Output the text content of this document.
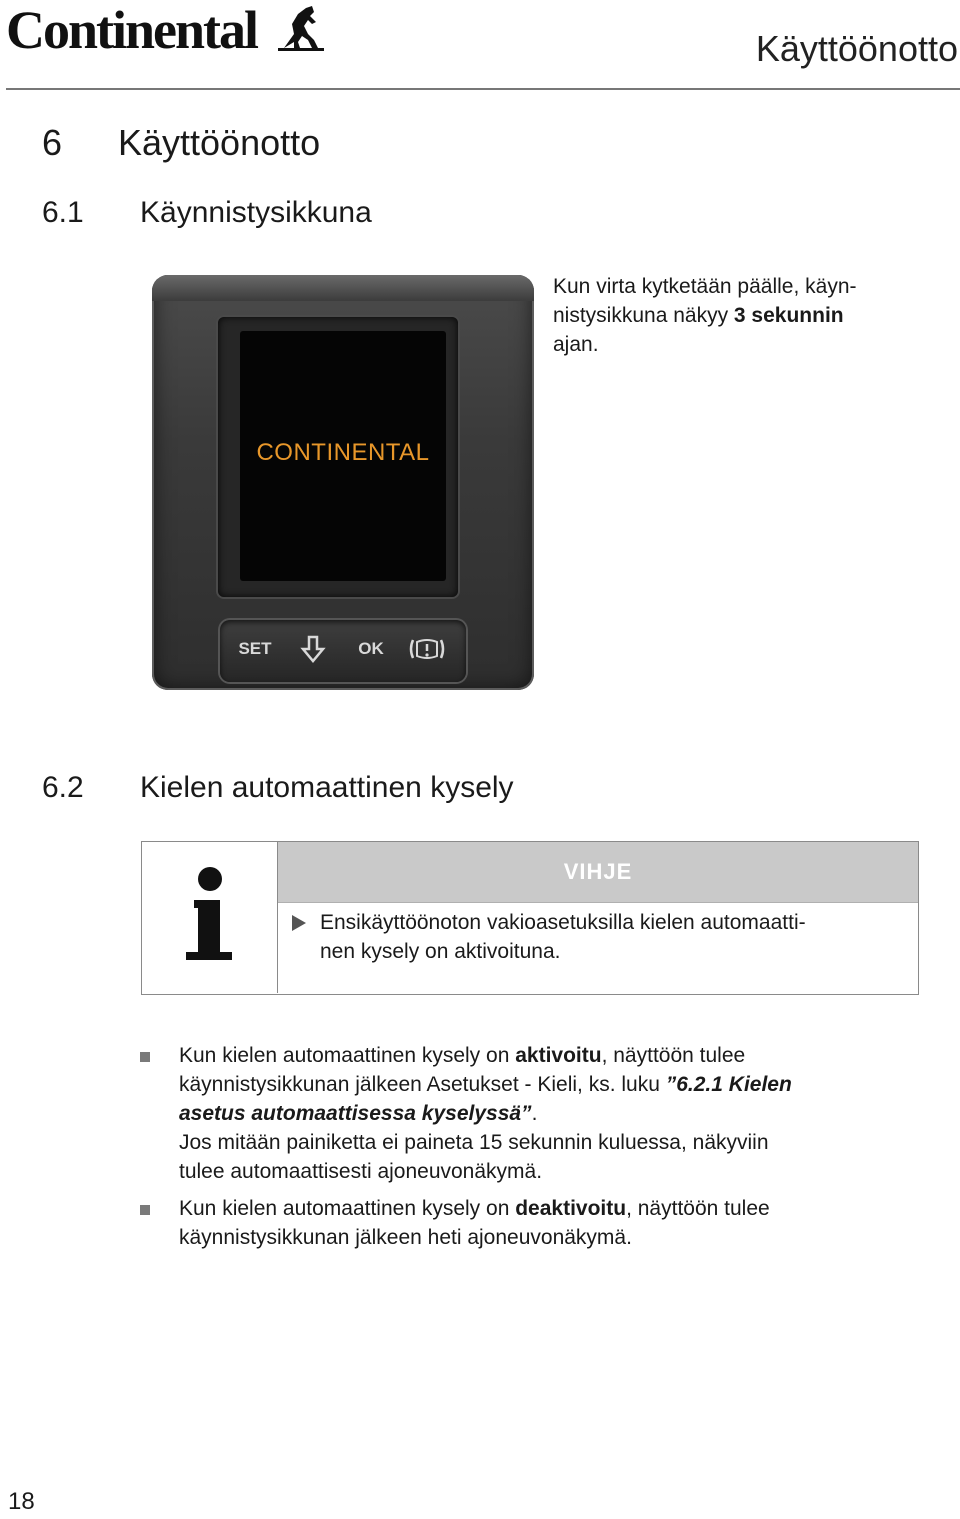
Continental	Käyttöönotto
6 Käyttöönotto
6.1 Käynnistysikkuna
CONTINENTAL
SET	OK
Kun virta kytketään päälle, käyn-
nistysikkuna näkyy 3 sekunnin
ajan.
6.2 Kielen automaattinen kysely
VIHJE
Ensikäyttöönoton vakioasetuksilla kielen automaatti-
nen kysely on aktivoituna.
Kun kielen automaattinen kysely on aktivoitu, näyttöön tulee
käynnistysikkunan jälkeen Asetukset - Kieli, ks. luku ”6.2.1 Kielen
asetus automaattisessa kyselyssä”.
Jos mitään painiketta ei paineta 15 sekunnin kuluessa, näkyviin
tulee automaattisesti ajoneuvonäkymä.
Kun kielen automaattinen kysely on deaktivoitu, näyttöön tulee
käynnistysikkunan jälkeen heti ajoneuvonäkymä.
18
